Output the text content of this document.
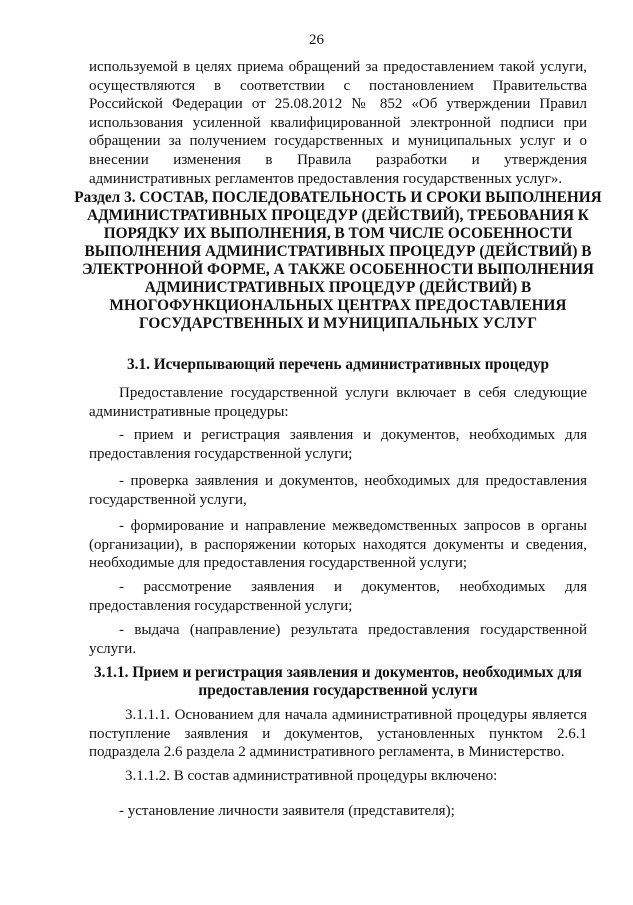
26
используемой в целях приема обращений за предоставлением такой услуги, осуществляются в соответствии с постановлением Правительства Российской Федерации от 25.08.2012 № 852 «Об утверждении Правил использования усиленной квалифицированной электронной подписи при обращении за получением государственных и муниципальных услуг и о внесении изменения в Правила разработки и утверждения административных регламентов предоставления государственных услуг».
Раздел 3. СОСТАВ, ПОСЛЕДОВАТЕЛЬНОСТЬ И СРОКИ ВЫПОЛНЕНИЯ АДМИНИСТРАТИВНЫХ ПРОЦЕДУР (ДЕЙСТВИЙ), ТРЕБОВАНИЯ К ПОРЯДКУ ИХ ВЫПОЛНЕНИЯ, В ТОМ ЧИСЛЕ ОСОБЕННОСТИ ВЫПОЛНЕНИЯ АДМИНИСТРАТИВНЫХ ПРОЦЕДУР (ДЕЙСТВИЙ) В ЭЛЕКТРОННОЙ ФОРМЕ, А ТАКЖЕ ОСОБЕННОСТИ ВЫПОЛНЕНИЯ АДМИНИСТРАТИВНЫХ ПРОЦЕДУР (ДЕЙСТВИЙ) В МНОГОФУНКЦИОНАЛЬНЫХ ЦЕНТРАХ ПРЕДОСТАВЛЕНИЯ ГОСУДАРСТВЕННЫХ И МУНИЦИПАЛЬНЫХ УСЛУГ
3.1. Исчерпывающий перечень административных процедур
Предоставление государственной услуги включает в себя следующие административные процедуры:
- прием и регистрация заявления и документов, необходимых для предоставления государственной услуги;
- проверка заявления и документов, необходимых для предоставления государственной услуги,
- формирование и направление межведомственных запросов в органы (организации), в распоряжении которых находятся документы и сведения, необходимые для предоставления государственной услуги;
- рассмотрение заявления и документов, необходимых для предоставления государственной услуги;
- выдача (направление) результата предоставления государственной услуги.
3.1.1. Прием и регистрация заявления и документов, необходимых для предоставления государственной услуги
3.1.1.1. Основанием для начала административной процедуры является поступление заявления и документов, установленных пунктом 2.6.1 подраздела 2.6 раздела 2 административного регламента, в Министерство.
3.1.1.2. В состав административной процедуры включено:
- установление личности заявителя (представителя);
